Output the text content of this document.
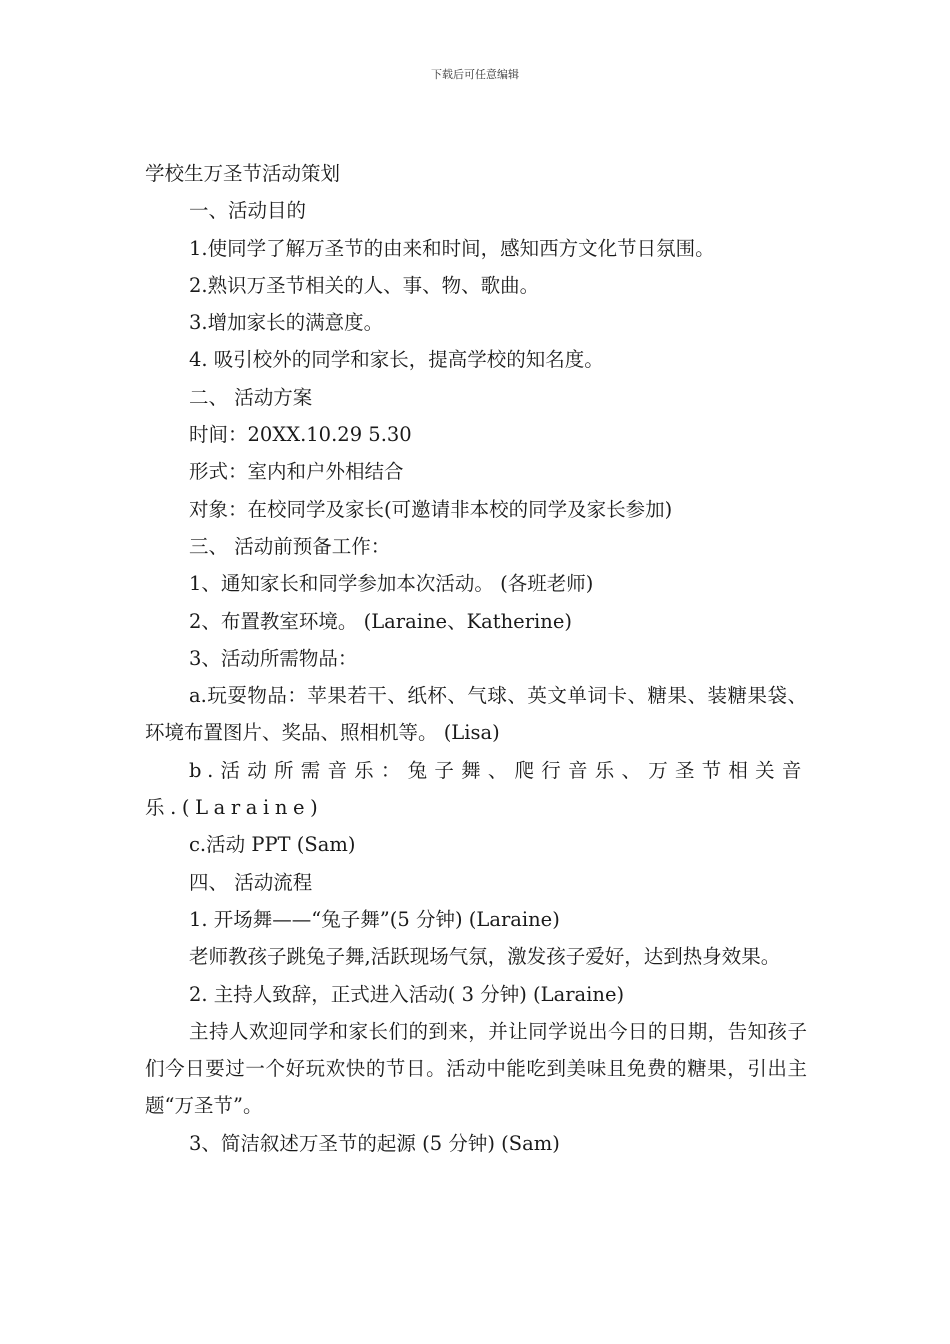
下载后可任意编辑

学校生万圣节活动策划

一、活动目的

1.使同学了解万圣节的由来和时间，感知西方文化节日氛围。

2.熟识万圣节相关的人、事、物、歌曲。

3.增加家长的满意度。

4. 吸引校外的同学和家长，提高学校的知名度。

二、 活动方案

时间：20XX.10.29 5.30

形式：室内和户外相结合

对象：在校同学及家长(可邀请非本校的同学及家长参加)

三、 活动前预备工作：

1、通知家长和同学参加本次活动。 (各班老师)

2、布置教室环境。 (Laraine、Katherine)

3、活动所需物品：

a.玩耍物品：苹果若干、纸杯、气球、英文单词卡、糖果、装糖果袋、环境布置图片、奖品、照相机等。 (Lisa)

b.活动所需音乐：兔子舞、爬行音乐、万圣节相关音乐.(Laraine)

c.活动 PPT (Sam)

四、 活动流程

1. 开场舞——“兔子舞”(5 分钟) (Laraine)

老师教孩子跳兔子舞,活跃现场气氛，激发孩子爱好，达到热身效果。

2. 主持人致辞，正式进入活动( 3 分钟) (Laraine)

主持人欢迎同学和家长们的到来，并让同学说出今日的日期，告知孩子们今日要过一个好玩欢快的节日。活动中能吃到美味且免费的糖果，引出主题“万圣节”。

3、简洁叙述万圣节的起源 (5 分钟) (Sam)
